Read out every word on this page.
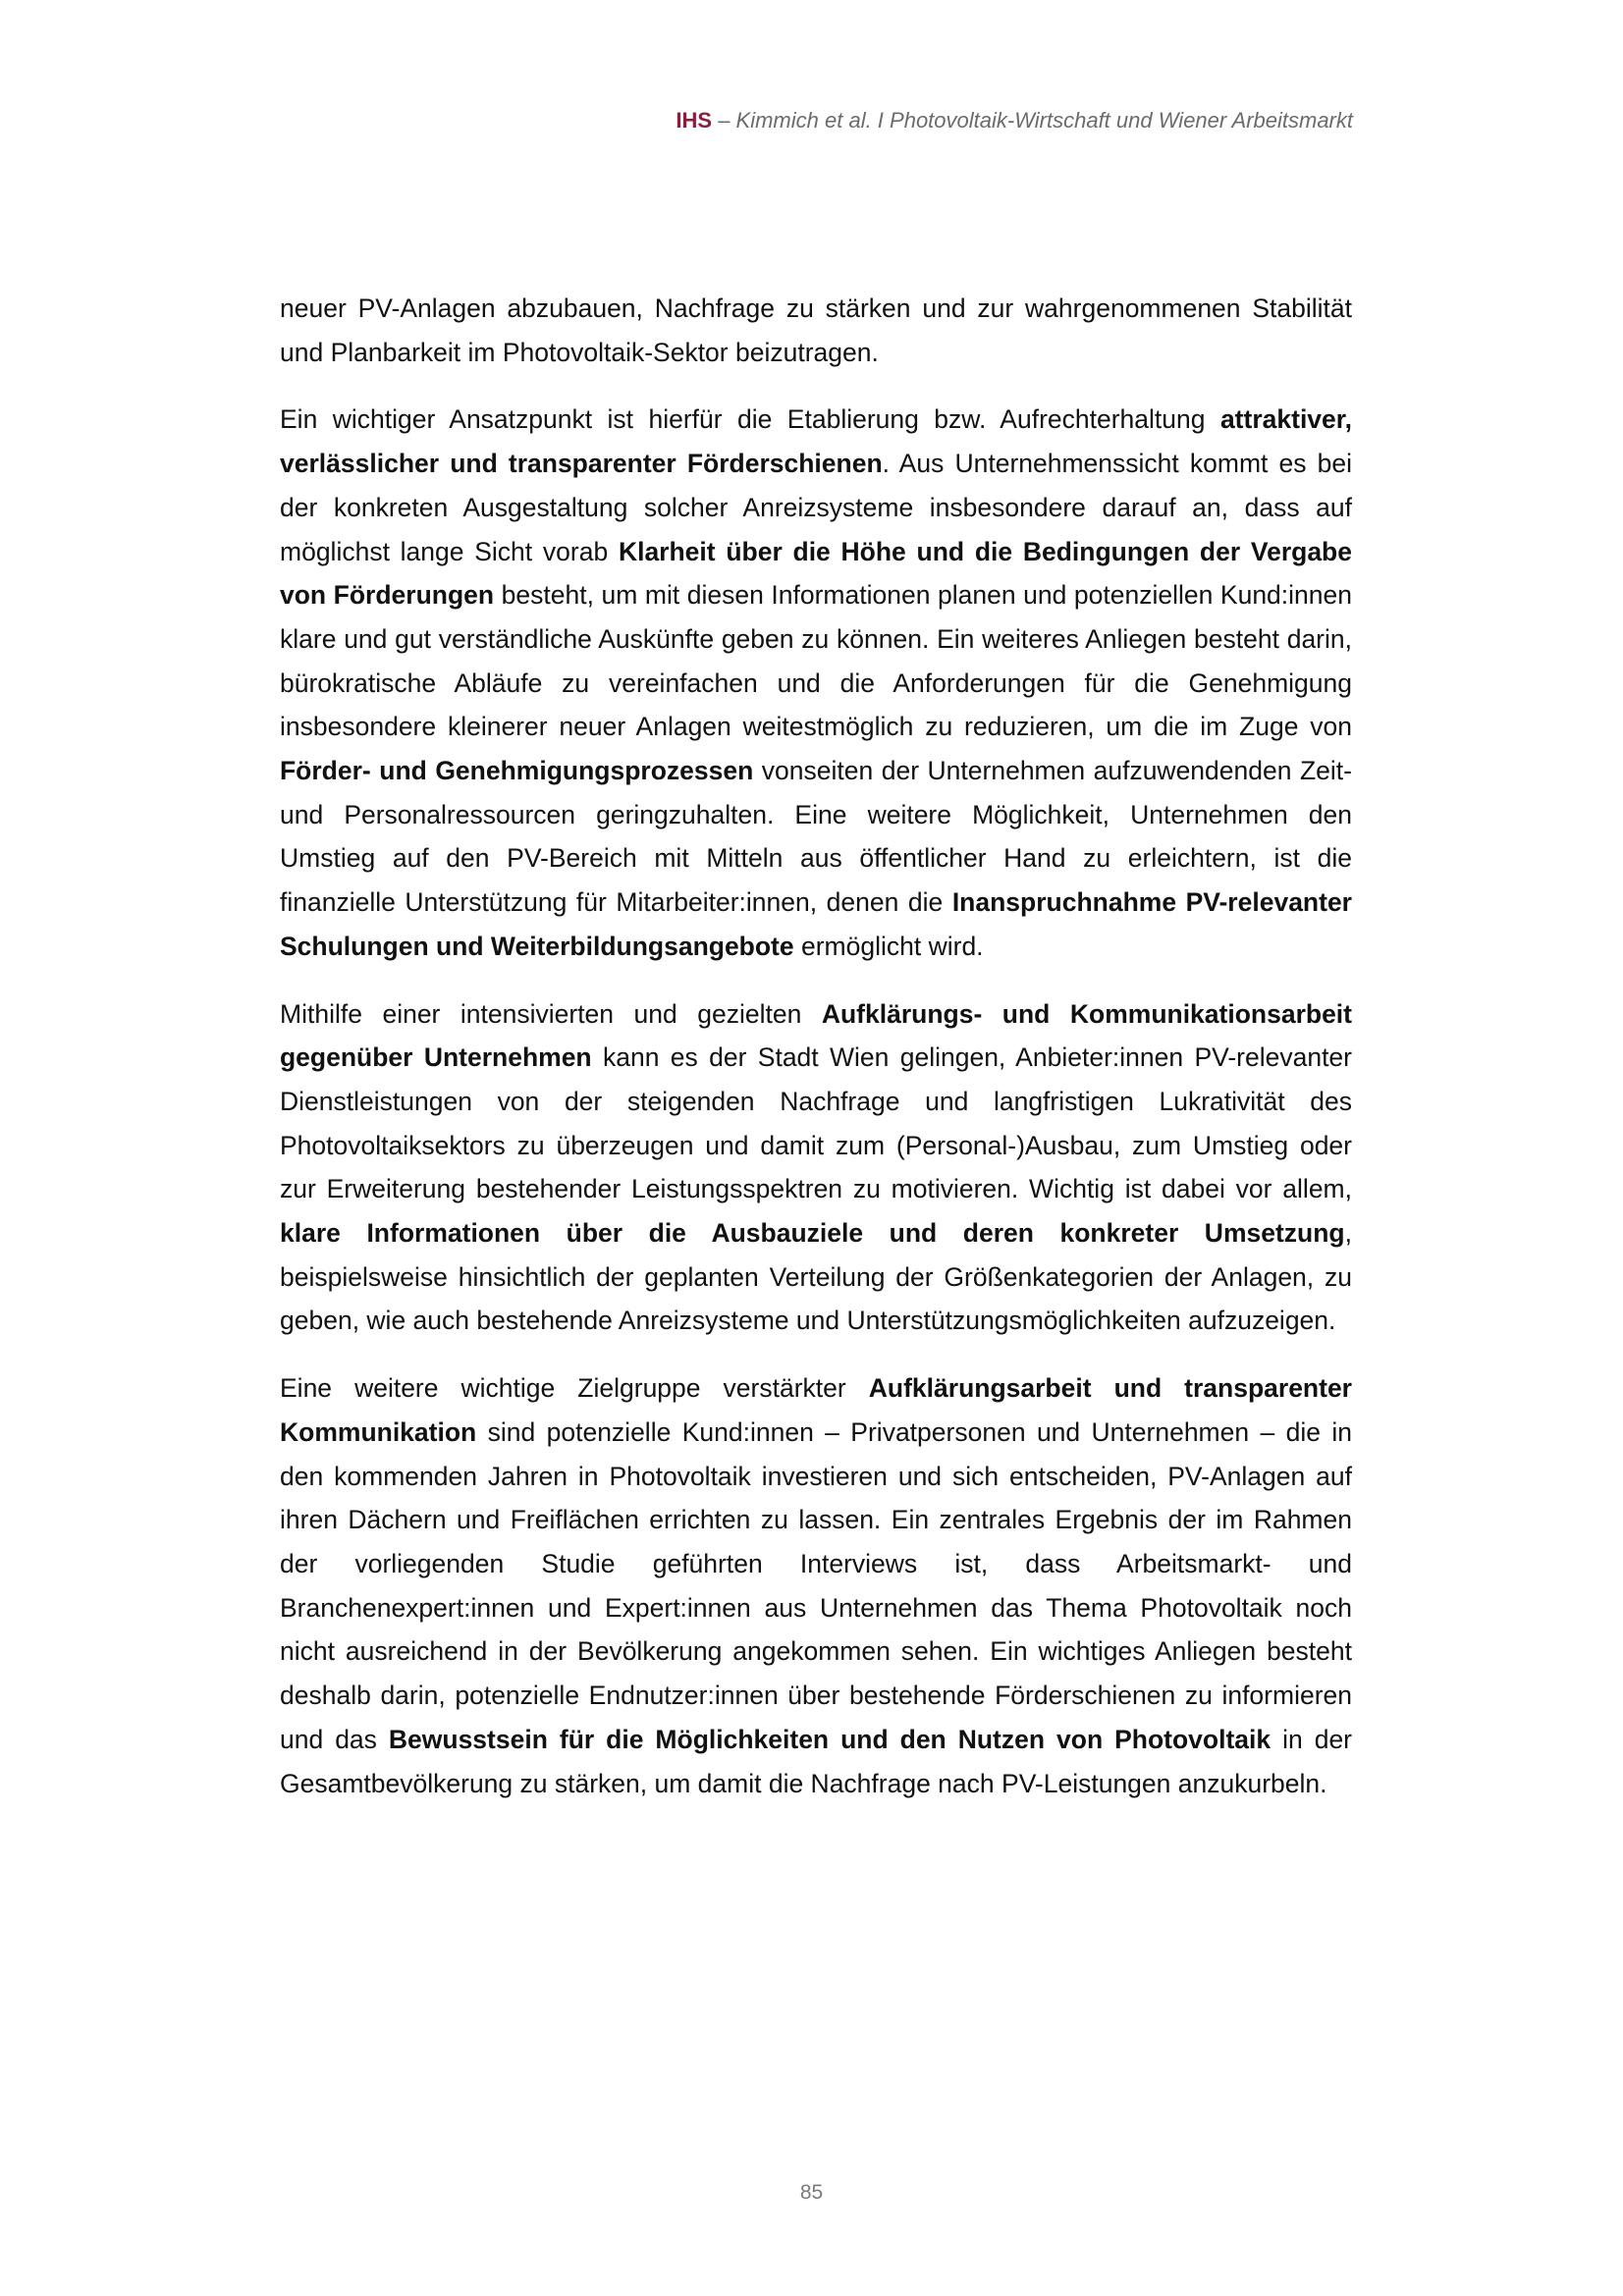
IHS – Kimmich et al. I Photovoltaik-Wirtschaft und Wiener Arbeitsmarkt

neuer PV-Anlagen abzubauen, Nachfrage zu stärken und zur wahrgenommenen Stabilität und Planbarkeit im Photovoltaik-Sektor beizutragen.

Ein wichtiger Ansatzpunkt ist hierfür die Etablierung bzw. Aufrechterhaltung attraktiver, verlässlicher und transparenter Förderschienen. Aus Unternehmenssicht kommt es bei der konkreten Ausgestaltung solcher Anreizsysteme insbesondere darauf an, dass auf möglichst lange Sicht vorab Klarheit über die Höhe und die Bedingungen der Vergabe von Förderungen besteht, um mit diesen Informationen planen und potenziellen Kund:innen klare und gut verständliche Auskünfte geben zu können. Ein weiteres Anliegen besteht darin, bürokratische Abläufe zu vereinfachen und die Anforderungen für die Genehmigung insbesondere kleinerer neuer Anlagen weitestmöglich zu reduzieren, um die im Zuge von Förder- und Genehmigungsprozessen vonseiten der Unternehmen aufzuwendenden Zeit- und Personalressourcen geringzuhalten. Eine weitere Möglichkeit, Unternehmen den Umstieg auf den PV-Bereich mit Mitteln aus öffentlicher Hand zu erleichtern, ist die finanzielle Unterstützung für Mitarbeiter:innen, denen die Inanspruchnahme PV-relevanter Schulungen und Weiterbildungsangebote ermöglicht wird.

Mithilfe einer intensivierten und gezielten Aufklärungs- und Kommunikationsarbeit gegenüber Unternehmen kann es der Stadt Wien gelingen, Anbieter:innen PV-relevanter Dienstleistungen von der steigenden Nachfrage und langfristigen Lukrativität des Photovoltaiksektors zu überzeugen und damit zum (Personal-)Ausbau, zum Umstieg oder zur Erweiterung bestehender Leistungsspektren zu motivieren. Wichtig ist dabei vor allem, klare Informationen über die Ausbauziele und deren konkreter Umsetzung, beispielsweise hinsichtlich der geplanten Verteilung der Größenkategorien der Anlagen, zu geben, wie auch bestehende Anreizsysteme und Unterstützungsmöglichkeiten aufzuzeigen.

Eine weitere wichtige Zielgruppe verstärkter Aufklärungsarbeit und transparenter Kommunikation sind potenzielle Kund:innen – Privatpersonen und Unternehmen – die in den kommenden Jahren in Photovoltaik investieren und sich entscheiden, PV-Anlagen auf ihren Dächern und Freiflächen errichten zu lassen. Ein zentrales Ergebnis der im Rahmen der vorliegenden Studie geführten Interviews ist, dass Arbeitsmarkt- und Branchenexpert:innen und Expert:innen aus Unternehmen das Thema Photovoltaik noch nicht ausreichend in der Bevölkerung angekommen sehen. Ein wichtiges Anliegen besteht deshalb darin, potenzielle Endnutzer:innen über bestehende Förderschienen zu informieren und das Bewusstsein für die Möglichkeiten und den Nutzen von Photovoltaik in der Gesamtbevölkerung zu stärken, um damit die Nachfrage nach PV-Leistungen anzukurbeln.

85
